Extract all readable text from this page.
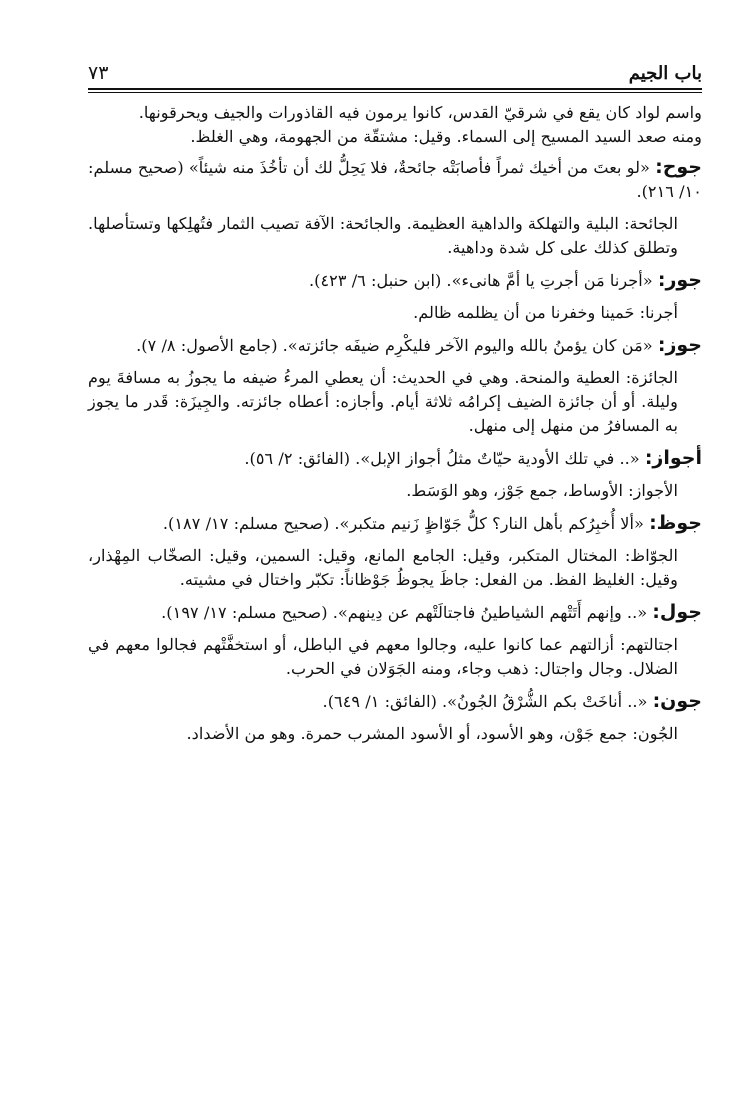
باب الجيم
٧٣

واسم لواد كان يقع في شرقيّ القدس، كانوا يرمون فيه القاذورات والجيف ويحرقونها.
ومنه صعد السيد المسيح إلى السماء. وقيل: مشتقّة من الجهومة، وهي الغلظ.

جوح: «لو بعتَ من أخيك ثمراً فأصابَتْه جائحةٌ، فلا يَحِلُّ لك أن تأخُذَ منه شيئاً» (صحيح مسلم: ١٠/ ٢١٦).

الجائحة: البلية والتهلكة والداهية العظيمة. والجائحة: الآفة تصيب الثمار فتُهلِكها وتستأصلها. وتطلق كذلك على كل شدة وداهية.

جور: «أجرنا مَن أجرتِ يا أمَّ هانىء». (ابن حنبل: ٦/ ٤٢٣).

أجرنا: حَمينا وخفرنا من أن يظلمه ظالم.

جوز: «مَن كان يؤمنُ بالله واليوم الآخر فليكْرِم ضيفَه جائزته». (جامع الأصول: ٨/ ٧).

الجائزة: العطية والمنحة. وهي في الحديث: أن يعطي المرءُ ضيفه ما يجوزُ به مسافةَ يوم وليلة. أو أن جائزة الضيف إكرامُه ثلاثة أيام. وأجازه: أعطاه جائزته. والجِيزَة: قَدر ما يجوز به المسافرُ من منهل إلى منهل.

أجواز: «.. في تلك الأودية حيّاتٌ مثلُ أجواز الإبل». (الفائق: ٢/ ٥٦).

الأجواز: الأوساط، جمع جَوْز، وهو الوَسَط.

جوظ: «ألا أُخبِرُكم بأهل النار؟ كلُّ جَوّاظٍ زَنيم متكبر». (صحيح مسلم: ١٧/ ١٨٧).

الجوّاظ: المختال المتكبر، وقيل: الجامع المانع، وقيل: السمين، وقيل: الصخّاب المِهْذار، وقيل: الغليظ الفظ. من الفعل: جاظَ يجوظُ جَوْظاناً: تكبّر واختال في مشيته.

جول: «.. وإنهم أَتَتْهم الشياطينُ فاجتالَتْهم عن دِينهم». (صحيح مسلم: ١٧/ ١٩٧).

اجتالتهم: أزالتهم عما كانوا عليه، وجالوا معهم في الباطل، أو استخفَّتْهم فجالوا معهم في الضلال. وجال واجتال: ذهب وجاء، ومنه الجَوَلان في الحرب.

جون: «.. أناخَتْ بكم الشُّرْقُ الجُونُ». (الفائق: ١/ ٦٤٩).

الجُون: جمع جَوْن، وهو الأسود، أو الأسود المشرب حمرة. وهو من الأضداد.
